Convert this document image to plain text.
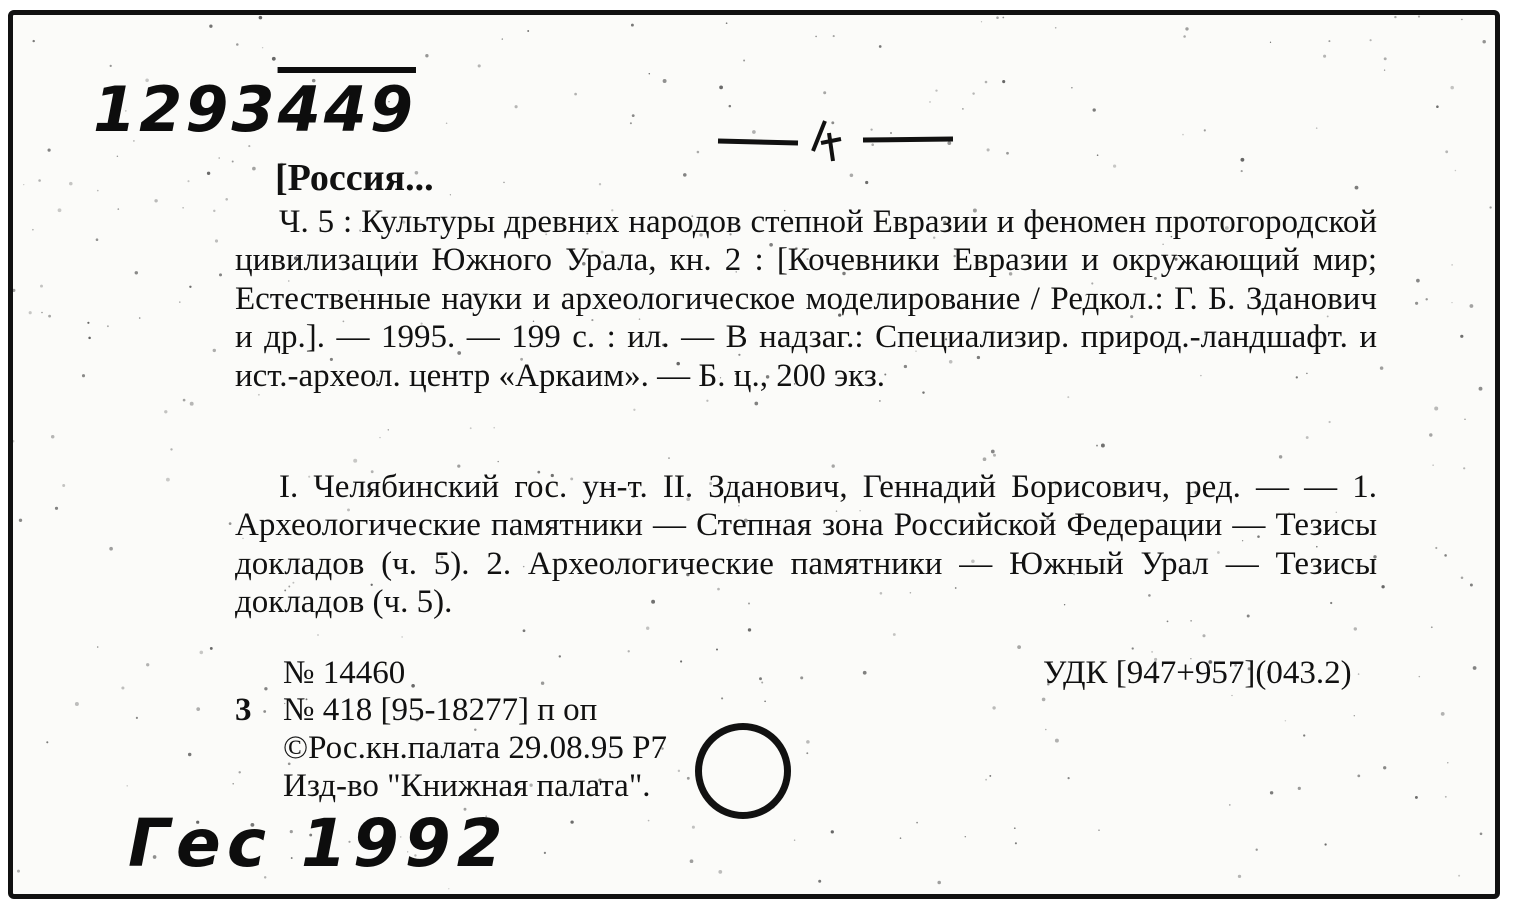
1293449
[Россия...
Ч. 5 : Культуры древних народов степной Евразии и феномен протогородской цивилизации Южного Урала, кн. 2 : [Кочевники Евразии и окружающий мир; Естественные науки и археологическое моделирование / Редкол.: Г. Б. Зданович и др.]. — 1995. — 199 с. : ил. — В надзаг.: Специализир. природ.-ландшафт. и ист.-археол. центр «Аркаим». — Б. ц., 200 экз.
I. Челябинский гос. ун-т. II. Зданович, Геннадий Борисович, ред. — — 1. Археологические памятники — Степная зона Российской Федерации — Тезисы докладов (ч. 5). 2. Археологические памятники — Южный Урал — Тезисы докладов (ч. 5).
№ 14460	УДК [947+957](043.2)
3 № 418 [95-18277] п оп
©Рос.кн.палата 29.08.95 Р7
Изд-во "Книжная палата".
Гес 1992
